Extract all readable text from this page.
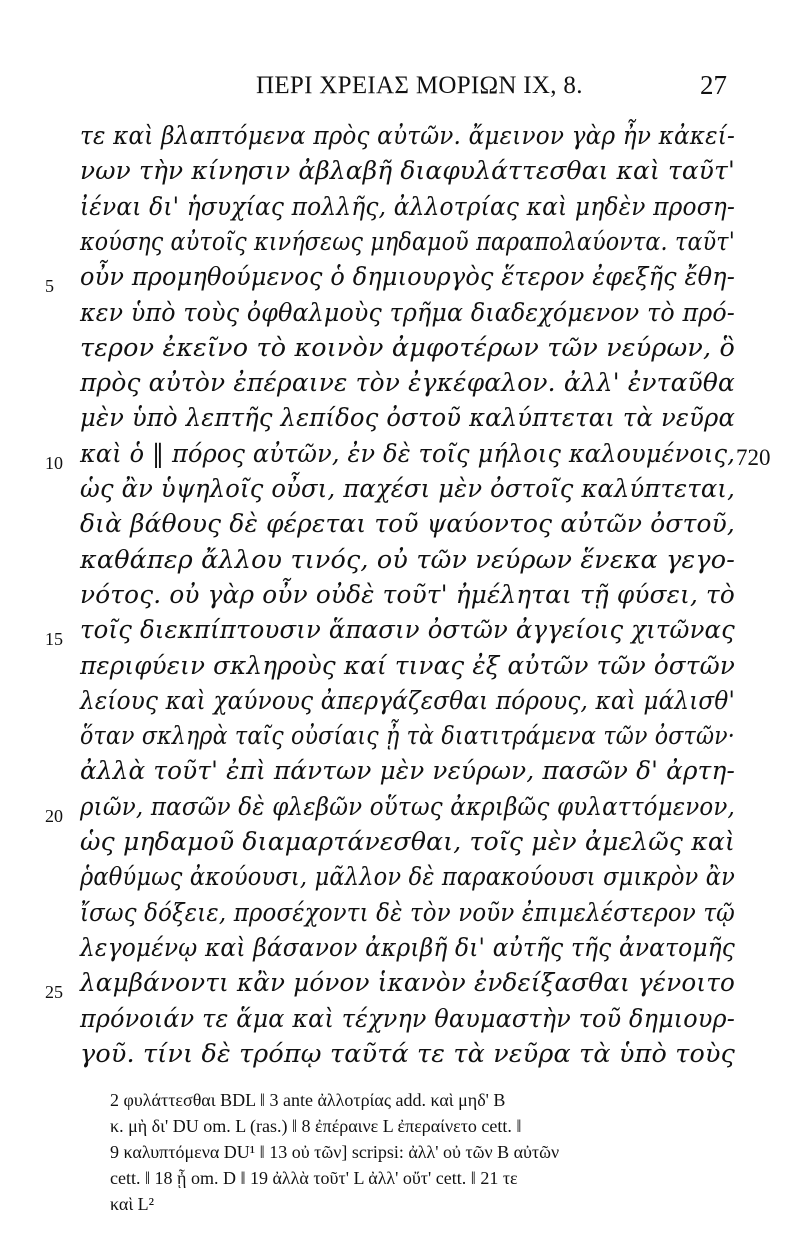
ΠΕΡΙ ΧΡΕΙΑΣ ΜΟΡΙΩΝ IX, 8.	27
τε καὶ βλαπτόμενα πρὸς αὐτῶν. ἄμεινον γὰρ ἦν κἀκεί-
νων τὴν κίνησιν ἀβλαβῆ διαφυλάττεσθαι καὶ ταῦτ'
ἰέναι δι' ἡσυχίας πολλῆς, ἀλλοτρίας καὶ μηδὲν προση-
κούσης αὐτοῖς κινήσεως μηδαμοῦ παραπολαύοντα. ταῦτ'
5	οὖν προμηθούμενος ὁ δημιουργὸς ἕτερον ἐφεξῆς ἔθη-
κεν ὑπὸ τοὺς ὀφθαλμοὺς τρῆμα διαδεχόμενον τὸ πρό-
τερον ἐκεῖνο τὸ κοινὸν ἀμφοτέρων τῶν νεύρων, ὃ
πρὸς αὐτὸν ἐπέραινε τὸν ἐγκέφαλον. ἀλλ' ἐνταῦθα
μὲν ὑπὸ λεπτῆς λεπίδος ὀστοῦ καλύπτεται τὰ νεῦρα
10 καὶ ὁ ‖ πόρος αὐτῶν, ἐν δὲ τοῖς μήλοις καλουμένοις, 720
ὡς ἂν ὑψηλοῖς οὖσι, παχέσι μὲν ὀστοῖς καλύπτεται,
διὰ βάθους δὲ φέρεται τοῦ ψαύοντος αὐτῶν ὀστοῦ,
καθάπερ ἄλλου τινός, οὐ τῶν νεύρων ἕνεκα γεγο-
νότος. οὐ γὰρ οὖν οὐδὲ τοῦτ' ἠμέληται τῇ φύσει, τὸ
15 τοῖς διεκπίπτουσιν ἅπασιν ὀστῶν ἀγγείοις χιτῶνας
περιφύειν σκληροὺς καί τινας ἐξ αὐτῶν τῶν ὀστῶν
λείους καὶ χαύνους ἀπεργάζεσθαι πόρους, καὶ μάλισθ'
ὅταν σκληρὰ ταῖς οὐσίαις ᾖ τὰ διατιτράμενα τῶν ὀστῶν·
ἀλλὰ τοῦτ' ἐπὶ πάντων μὲν νεύρων, πασῶν δ' ἀρτη-
20 ριῶν, πασῶν δὲ φλεβῶν οὕτως ἀκριβῶς φυλαττόμενον,
ὡς μηδαμοῦ διαμαρτάνεσθαι, τοῖς μὲν ἀμελῶς καὶ
ῥαθύμως ἀκούουσι, μᾶλλον δὲ παρακούουσι σμικρὸν ἂν
ἴσως δόξειε, προσέχοντι δὲ τὸν νοῦν ἐπιμελέστερον τῷ
λεγομένῳ καὶ βάσανον ἀκριβῆ δι' αὐτῆς τῆς ἀνατομῆς
25 λαμβάνοντι κἂν μόνον ἱκανὸν ἐνδείξασθαι γένοιτο
πρόνοιάν τε ἅμα καὶ τέχνην θαυμαστὴν τοῦ δημιουρ-
γοῦ. τίνι δὲ τρόπῳ ταῦτά τε τὰ νεῦρα τὰ ὑπὸ τοὺς
2 φυλάττεσθαι BDL ‖ 3 ante ἀλλοτρίας add. καὶ μηδ' B
κ. μὴ δι' DU om. L (ras.) ‖ 8 ἐπέραινε L ἐπεραίνετο cett. ‖
9 καλυπτόμενα DU¹ ‖ 13 οὐ τῶν] scripsi: ἀλλ' οὐ τῶν B αὐτῶν
cett. ‖ 18 ᾖ om. D ‖ 19 ἀλλὰ τοῦτ' L ἀλλ' οὔτ' cett. ‖ 21 τε
καὶ L²
